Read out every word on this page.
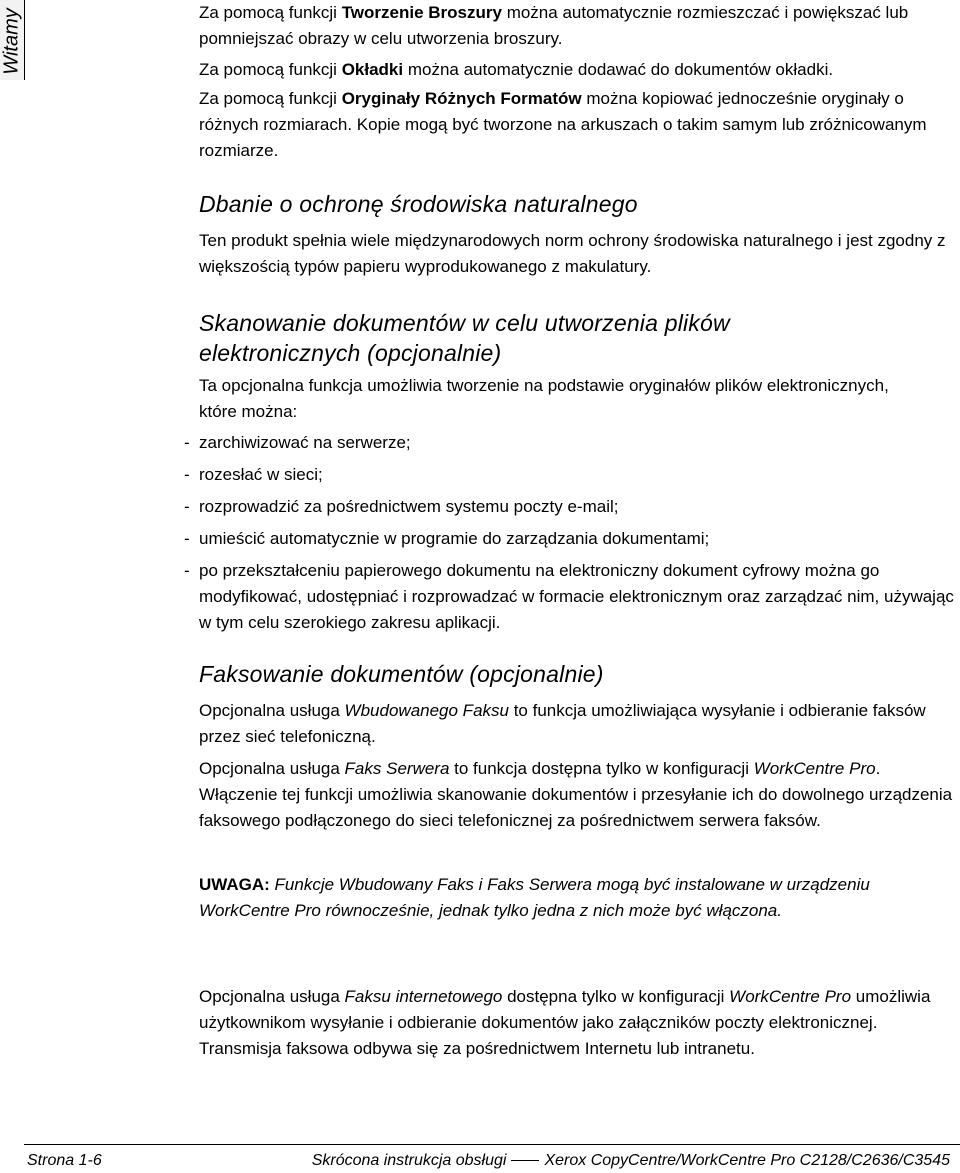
Witamy	Za pomocą funkcji Tworzenie Broszury można automatycznie rozmieszczać i powiększać lub pomniejszać obrazy w celu utworzenia broszury.

Za pomocą funkcji Okładki można automatycznie dodawać do dokumentów okładki.

Za pomocą funkcji Oryginały Różnych Formatów można kopiować jednocześnie oryginały o różnych rozmiarach. Kopie mogą być tworzone na arkuszach o takim samym lub zróżnicowanym rozmiarze.

Dbanie o ochronę środowiska naturalnego

Ten produkt spełnia wiele międzynarodowych norm ochrony środowiska naturalnego i jest zgodny z większością typów papieru wyprodukowanego z makulatury.

Skanowanie dokumentów w celu utworzenia plików elektronicznych (opcjonalnie)

Ta opcjonalna funkcja umożliwia tworzenie na podstawie oryginałów plików elektronicznych, które można:

- zarchiwizować na serwerze;
- rozesłać w sieci;
- rozprowadzić za pośrednictwem systemu poczty e-mail;
- umieścić automatycznie w programie do zarządzania dokumentami;
- po przekształceniu papierowego dokumentu na elektroniczny dokument cyfrowy można go modyfikować, udostępniać i rozprowadzać w formacie elektronicznym oraz zarządzać nim, używając w tym celu szerokiego zakresu aplikacji.
Faksowanie dokumentów (opcjonalnie)

Opcjonalna usługa Wbudowanego Faksu to funkcja umożliwiająca wysyłanie i odbieranie faksów przez sieć telefoniczną.

Opcjonalna usługa Faks Serwera to funkcja dostępna tylko w konfiguracji WorkCentre Pro. Włączenie tej funkcji umożliwia skanowanie dokumentów i przesyłanie ich do dowolnego urządzenia faksowego podłączonego do sieci telefonicznej za pośrednictwem serwera faksów.

UWAGA: Funkcje Wbudowany Faks i Faks Serwera mogą być instalowane w urządzeniu WorkCentre Pro równocześnie, jednak tylko jedna z nich może być włączona.

Opcjonalna usługa Faksu internetowego dostępna tylko w konfiguracji WorkCentre Pro umożliwia użytkownikom wysyłanie i odbieranie dokumentów jako załączników poczty elektronicznej. Transmisja faksowa odbywa się za pośrednictwem Internetu lub intranetu.

Strona 1-6	Skrócona instrukcja obsługi Xerox CopyCentre/WorkCentre Pro C2128/C2636/C3545
